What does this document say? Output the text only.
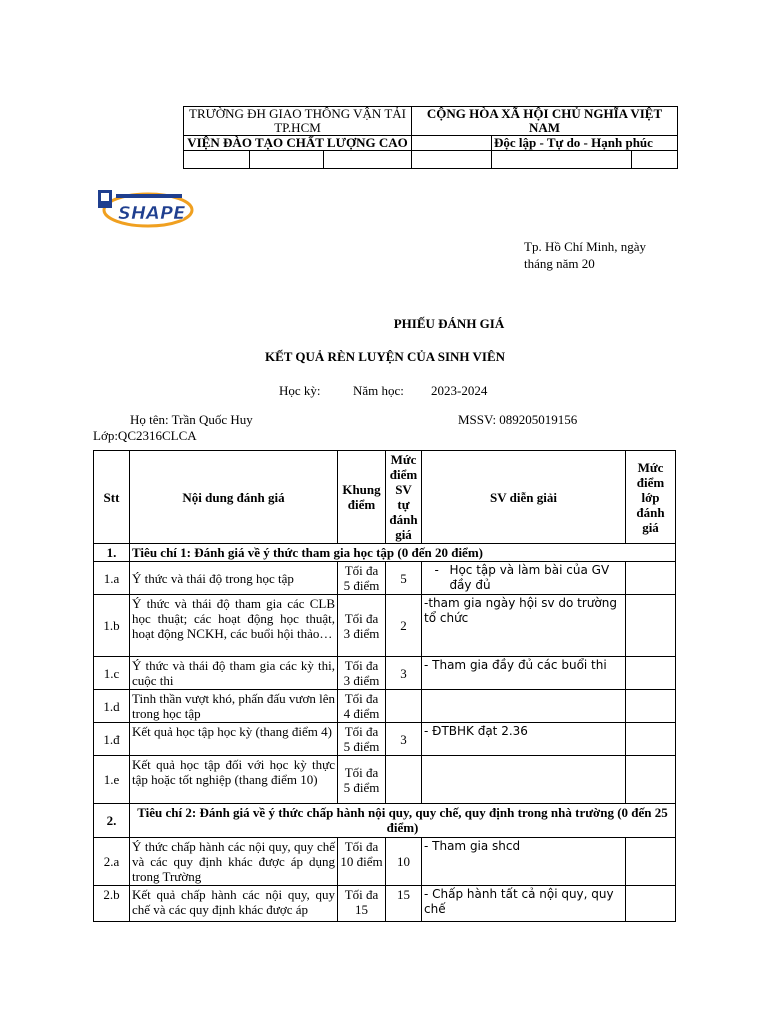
TRƯỜNG ĐH GIAO THÔNG VẬN TẢI TP.HCM			CỘNG HÒA XÃ HỘI CHỦ NGHĨA VIỆT NAM		
VIỆN ĐÀO TẠO CHẤT LƯỢNG CAO				Độc lập - Tự do - Hạnh phúc	

SHAPE
Tp. Hồ Chí Minh, ngày
tháng năm 20
PHIẾU ĐÁNH GIÁ
KẾT QUẢ RÈN LUYỆN CỦA SINH VIÊN
Học kỳ: Năm học: 2023-2024
Họ tên: Trần Quốc Huy	MSSV: 089205019156
Lớp:QC2316CLCA
Stt	Nội dung đánh giá	Khung điểm	Mức điểm SV tự đánh giá	SV diễn giải	Mức điểm lớp đánh giá
1.	Tiêu chí 1: Đánh giá về ý thức tham gia học tập (0 đến 20 điểm)				
1.a	Ý thức và thái độ trong học tập	Tối đa 5 điểm	5	- Học tập và làm bài của GV đầy đủ	

1.b	Ý thức và thái độ tham gia các CLB học thuật; các hoạt động học thuật, hoạt động NCKH, các buổi hội thảo…	Tối đa 3 điểm	2	-tham gia ngày hội sv do trường tổ chức	
1.c	Ý thức và thái độ tham gia các kỳ thi, cuộc thi	Tối đa 3 điểm	3	- Tham gia đầy đủ các buổi thi	
1.d	Tinh thần vượt khó, phấn đấu vươn lên trong học tập	Tối đa 4 điểm			
1.đ	Kết quả học tập học kỳ (thang điểm 4)	Tối đa 5 điểm	3	- ĐTBHK đạt 2.36	
1.e	Kết quả học tập đối với học kỳ thực tập hoặc tốt nghiệp (thang điểm 10)	Tối đa 5 điểm			
2.	Tiêu chí 2: Đánh giá về ý thức chấp hành nội quy, quy chế, quy định trong nhà trường (0 đến 25 điểm)				
2.a	Ý thức chấp hành các nội quy, quy chế và các quy định khác được áp dụng trong Trường	Tối đa 10 điểm	10	- Tham gia shcd	
2.b	Kết quả chấp hành các nội quy, quy chế và các quy định khác được áp	Tối đa 15	15	- Chấp hành tất cả nội quy, quy chế	
